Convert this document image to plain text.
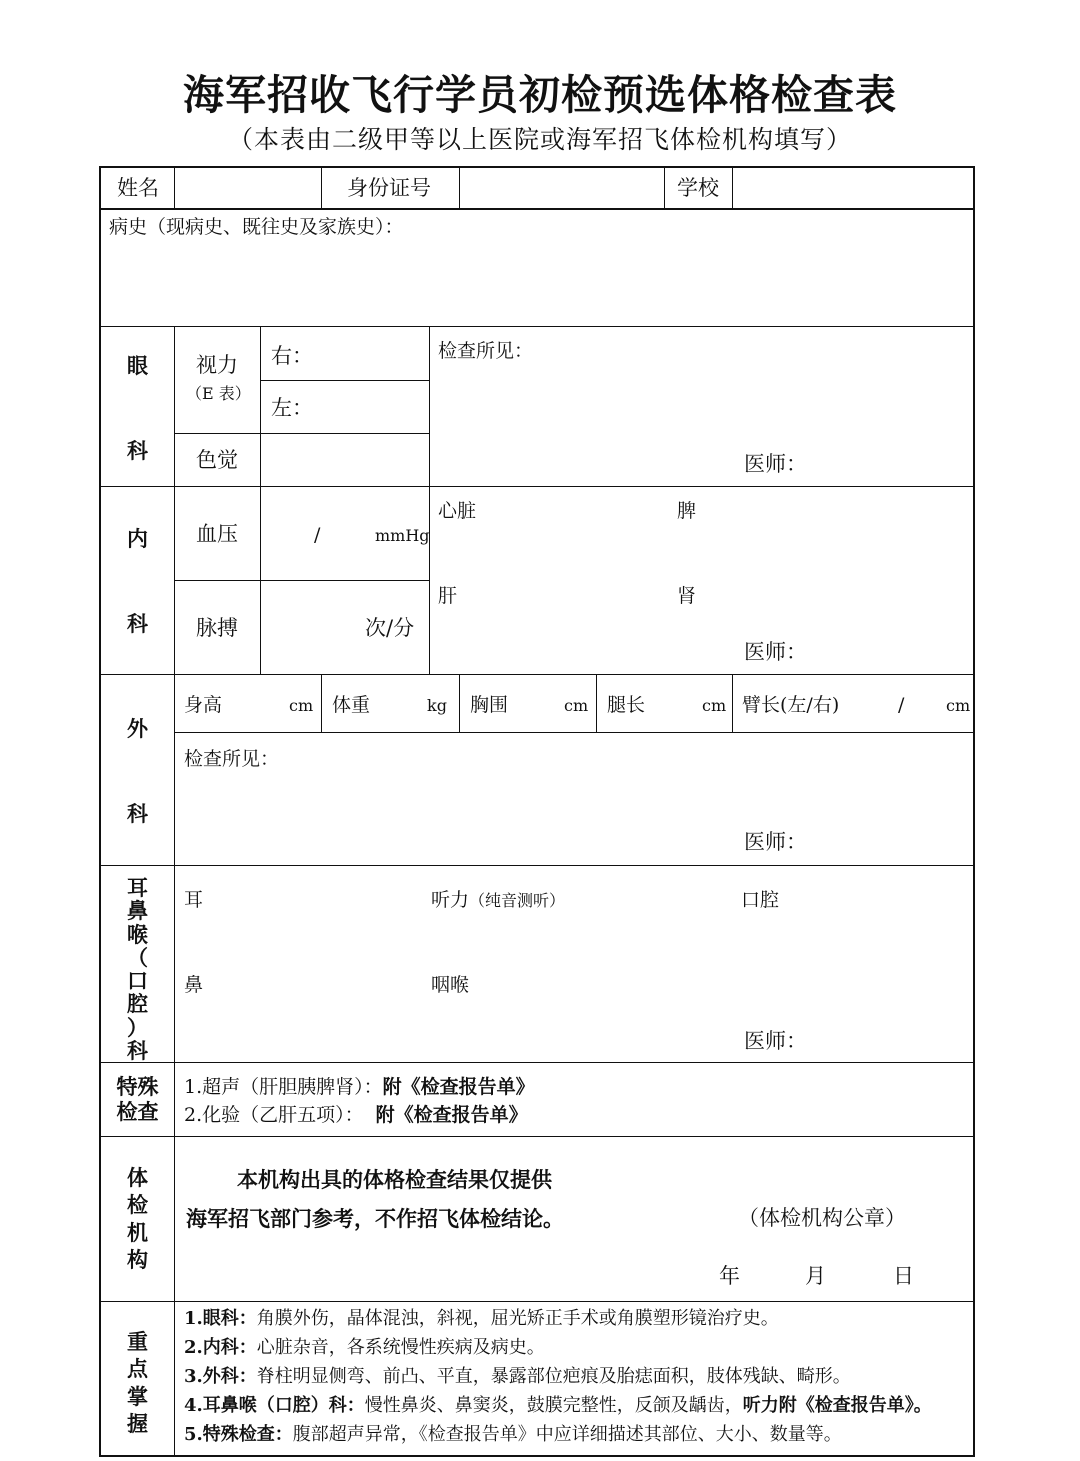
海军招收飞行学员初检预选体格检查表
（本表由二级甲等以上医院或海军招飞体检机构填写）
姓名	身份证号	学校
病史（现病史、既往史及家族史）：
眼
科
视力
（E 表）
右：
左：
色觉
检查所见：
医师：
内
科
血压	/	mmHg
脉搏	次/分
心脏	脾
肝	肾
医师：
外
科
身高	cm 体重	kg 胸围	cm 腿长	cm 臂长(左/右)	/	cm
检查所见：
医师：
耳
鼻
喉
（
口
腔
）
科
耳	听力（纯音测听）	口腔
鼻	咽喉
医师：
特殊
检查
1.超声（肝胆胰脾肾）：附《检查报告单》
2.化验（乙肝五项）： 附《检查报告单》
体
检
机
构
本机构出具的体格检查结果仅提供
海军招飞部门参考，不作招飞体检结论。	（体检机构公章）
年	月	日
重
点
掌
握
1.眼科：角膜外伤，晶体混浊，斜视，屈光矫正手术或角膜塑形镜治疗史。
2.内科：心脏杂音，各系统慢性疾病及病史。
3.外科：脊柱明显侧弯、前凸、平直，暴露部位疤痕及胎痣面积，肢体残缺、畸形。
4.耳鼻喉（口腔）科：慢性鼻炎、鼻窦炎，鼓膜完整性，反颌及龋齿，听力附《检查报告单》。
5.特殊检查：腹部超声异常，《检查报告单》中应详细描述其部位、大小、数量等。
